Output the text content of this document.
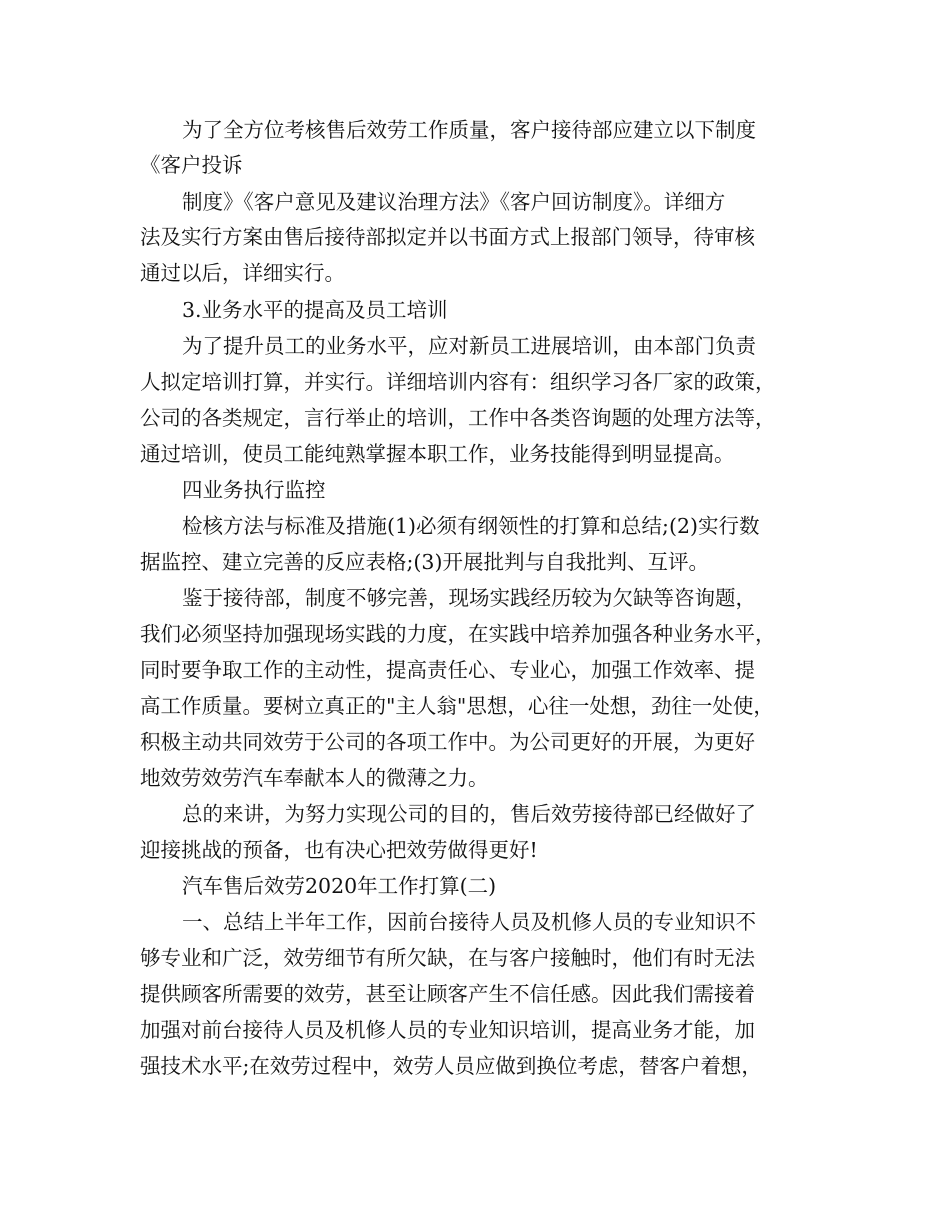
为了全方位考核售后效劳工作质量，客户接待部应建立以下制度

《客户投诉

制度》《客户意见及建议治理方法》《客户回访制度》。详细方

法及实行方案由售后接待部拟定并以书面方式上报部门领导，待审核

通过以后，详细实行。

3.业务水平的提高及员工培训

为了提升员工的业务水平，应对新员工进展培训，由本部门负责

人拟定培训打算，并实行。详细培训内容有：组织学习各厂家的政策，

公司的各类规定，言行举止的培训，工作中各类咨询题的处理方法等，

通过培训，使员工能纯熟掌握本职工作，业务技能得到明显提高。

四业务执行监控

检核方法与标准及措施(1)必须有纲领性的打算和总结;(2)实行数

据监控、建立完善的反应表格;(3)开展批判与自我批判、互评。

鉴于接待部，制度不够完善，现场实践经历较为欠缺等咨询题，

我们必须坚持加强现场实践的力度，在实践中培养加强各种业务水平，

同时要争取工作的主动性，提高责任心、专业心，加强工作效率、提

高工作质量。要树立真正的"主人翁"思想，心往一处想，劲往一处使，

积极主动共同效劳于公司的各项工作中。为公司更好的开展，为更好

地效劳效劳汽车奉献本人的微薄之力。

总的来讲，为努力实现公司的目的，售后效劳接待部已经做好了

迎接挑战的预备，也有决心把效劳做得更好!

汽车售后效劳2020年工作打算(二)

一、总结上半年工作，因前台接待人员及机修人员的专业知识不

够专业和广泛，效劳细节有所欠缺，在与客户接触时，他们有时无法

提供顾客所需要的效劳，甚至让顾客产生不信任感。因此我们需接着

加强对前台接待人员及机修人员的专业知识培训，提高业务才能，加

强技术水平;在效劳过程中，效劳人员应做到换位考虑，替客户着想，
